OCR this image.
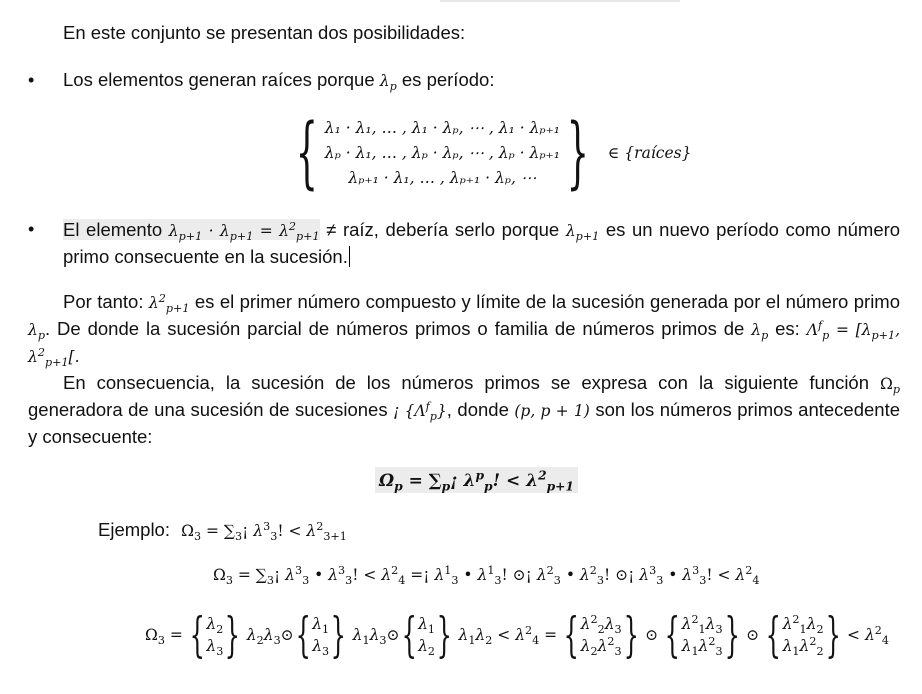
En este conjunto se presentan dos posibilidades:
• Los elementos generan raíces porque $\lambda_p$ es período:
{ λ₁ · λ₁, … , λ₁ · λₚ, ⋯ , λ₁ · λₚ₊₁
λₚ · λ₁, … , λₚ · λₚ, ⋯ , λₚ · λₚ₊₁
λₚ₊₁ · λ₁, … , λₚ₊₁ · λₚ, ⋯ } ∈ {raíces}
• El elemento $\lambda_{p+1} \cdot \lambda_{p+1} = \lambda^2_{p+1}$ ≠ raíz, debería serlo porque $\lambda_{p+1}$ es un nuevo período como número primo consecuente en la sucesión.
Por tanto: $\lambda^2_{p+1}$ es el primer número compuesto y límite de la sucesión generada por el número primo $\lambda_p$. De donde la sucesión parcial de números primos o familia de números primos de $\lambda_p$ es: $\Lambda^f_p = [\lambda_{p+1}$, $\lambda^2_{p+1}$[.
En consecuencia, la sucesión de los números primos se expresa con la siguiente función $\Omega_p$ generadora de una sucesión de sucesiones ¡ $\{\Lambda^f_p\}$, donde (p, p + 1) son los números primos antecedente y consecuente:
$\Omega_p$ = $\sum_p¡$ $\lambda^p_p$! < $\lambda^2_{p+1}$
Ejemplo: $\Omega_3$ = $\sum_3¡$ $\lambda^3_3$! < $\lambda^2_{3+1}$
$\Omega_3$ = $\sum_3¡$ $\lambda^3_3$ • $\lambda^3_3$! < $\lambda^2_4$ =¡ $\lambda^1_3$ • $\lambda^1_3$! ⊙¡ $\lambda^2_3$ • $\lambda^2_3$! ⊙¡ $\lambda^3_3$ • $\lambda^3_3$! < $\lambda^2_4$
$\Omega_3$ = { $\lambda_2$
$\lambda_3$} $\lambda_2\lambda_3⊙${ $\lambda_1$
$\lambda_3$} $\lambda_1\lambda_3⊙${ $\lambda_1$
$\lambda_2$} $\lambda_1\lambda_2 < \lambda^2_4$ = { $\lambda^2_2\lambda_3$
$\lambda_2\lambda^2_3$} ⊙ { $\lambda^2_1\lambda_3$
$\lambda_1\lambda^2_3$} ⊙ { $\lambda^2_1\lambda_2$
$\lambda_1\lambda^2_2\} < \lambda^2_4$
